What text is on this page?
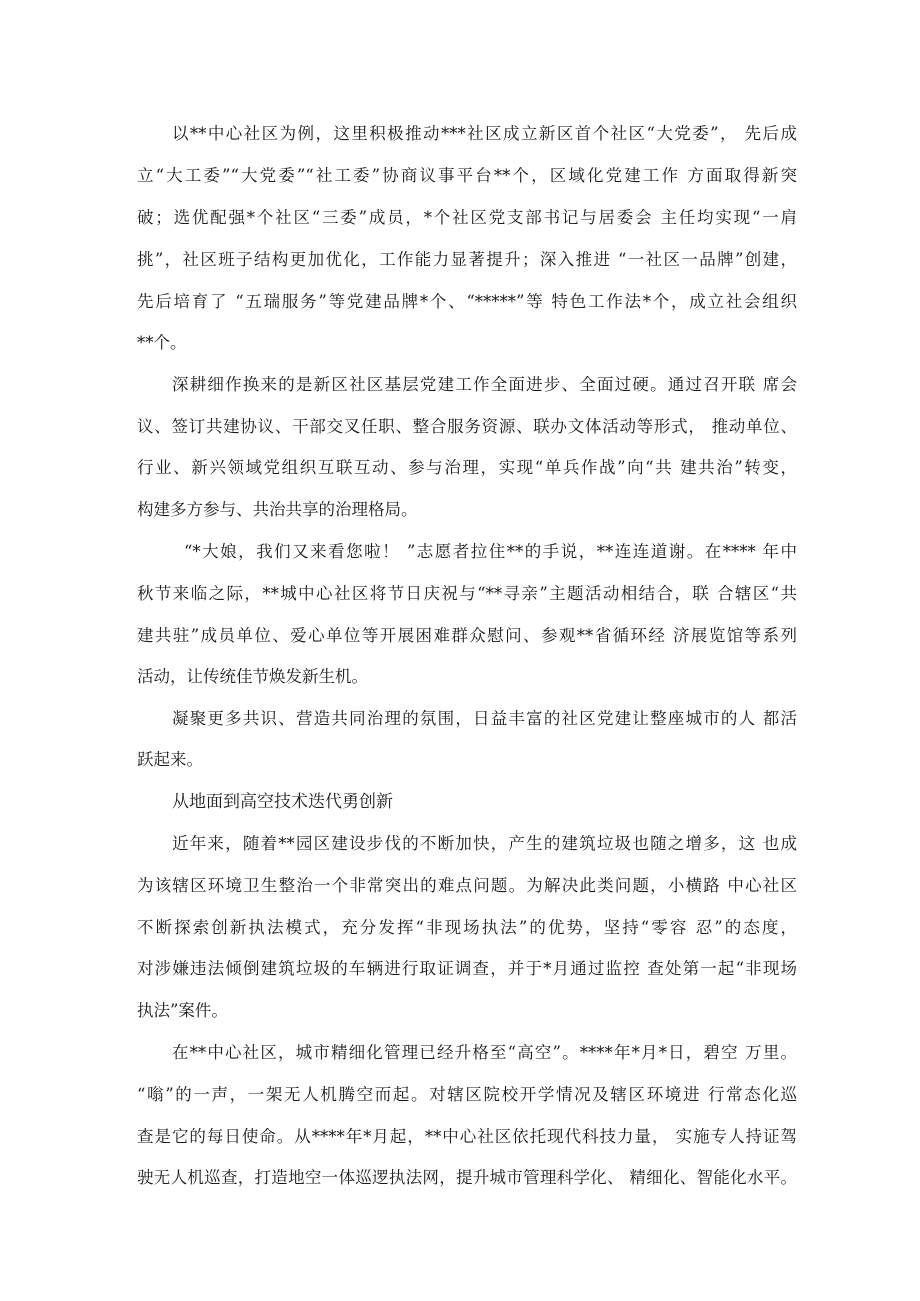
以**中心社区为例，这里积极推动***社区成立新区首个社区“大党委”， 先后成
立“大工委”“大党委”“社工委”协商议事平台**个，区域化党建工作 方面取得新突
破；选优配强*个社区“三委”成员，*个社区党支部书记与居委会 主任均实现“一肩
挑”，社区班子结构更加优化，工作能力显著提升；深入推进 “一社区一品牌”创建，
先后培育了 “五瑞服务”等党建品牌*个、“*****”等 特色工作法*个，成立社会组织
**个。
深耕细作换来的是新区社区基层党建工作全面进步、全面过硬。通过召开联 席会
议、签订共建协议、干部交叉任职、整合服务资源、联办文体活动等形式， 推动单位、
行业、新兴领域党组织互联互动、参与治理，实现“单兵作战”向“共 建共治”转变，
构建多方参与、共治共享的治理格局。
“*大娘，我们又来看您啦！ ”志愿者拉住**的手说，**连连道谢。在**** 年中
秋节来临之际，**城中心社区将节日庆祝与“**寻亲”主题活动相结合，联 合辖区“共
建共驻”成员单位、爱心单位等开展困难群众慰问、参观**省循环经 济展览馆等系列
活动，让传统佳节焕发新生机。
凝聚更多共识、营造共同治理的氛围，日益丰富的社区党建让整座城市的人 都活
跃起来。
从地面到高空技术迭代勇创新
近年来，随着**园区建设步伐的不断加快，产生的建筑垃圾也随之增多，这 也成
为该辖区环境卫生整治一个非常突出的难点问题。为解决此类问题，小横路 中心社区
不断探索创新执法模式，充分发挥“非现场执法”的优势，坚持“零容 忍”的态度，
对涉嫌违法倾倒建筑垃圾的车辆进行取证调查，并于*月通过监控 查处第一起“非现场
执法”案件。
在**中心社区，城市精细化管理已经升格至“高空”。****年*月*日，碧空 万里。
“嗡”的一声，一架无人机腾空而起。对辖区院校开学情况及辖区环境进 行常态化巡
查是它的每日使命。从****年*月起，**中心社区依托现代科技力量， 实施专人持证驾
驶无人机巡查，打造地空一体巡逻执法网，提升城市管理科学化、 精细化、智能化水平。
